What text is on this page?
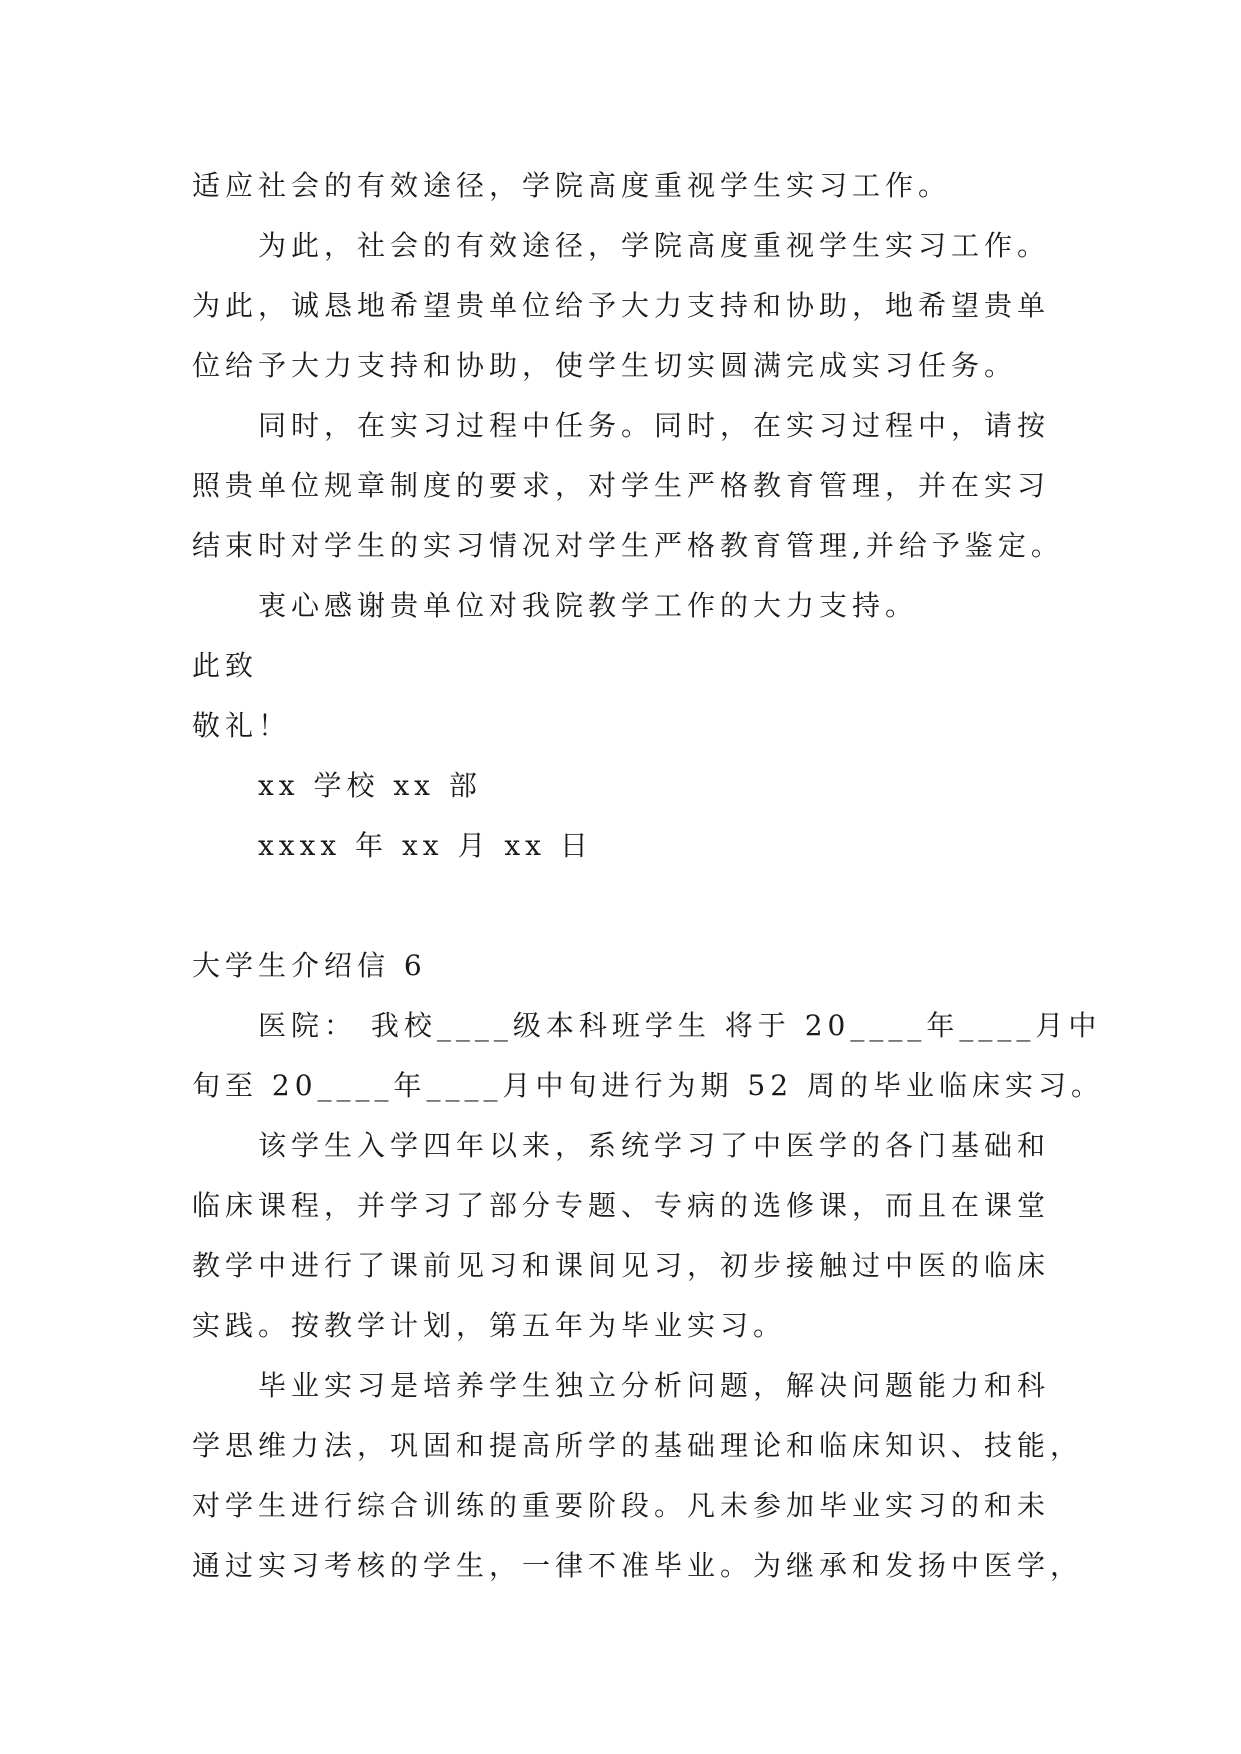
适应社会的有效途径，学院高度重视学生实习工作。
为此，社会的有效途径，学院高度重视学生实习工作。
为此，诚恳地希望贵单位给予大力支持和协助，地希望贵单
位给予大力支持和协助，使学生切实圆满完成实习任务。
同时，在实习过程中任务。同时，在实习过程中，请按
照贵单位规章制度的要求，对学生严格教育管理，并在实习
结束时对学生的实习情况对学生严格教育管理,并给予鉴定。
衷心感谢贵单位对我院教学工作的大力支持。
此致
敬礼！
xx 学校 xx 部
xxxx 年 xx 月 xx 日
大学生介绍信 6
医院： 我校____级本科班学生 将于 20____年____月中
旬至 20____年____月中旬进行为期 52 周的毕业临床实习。
该学生入学四年以来，系统学习了中医学的各门基础和
临床课程，并学习了部分专题、专病的选修课，而且在课堂
教学中进行了课前见习和课间见习，初步接触过中医的临床
实践。按教学计划，第五年为毕业实习。
毕业实习是培养学生独立分析问题，解决问题能力和科
学思维力法，巩固和提高所学的基础理论和临床知识、技能，
对学生进行综合训练的重要阶段。凡未参加毕业实习的和未
通过实习考核的学生，一律不准毕业。为继承和发扬中医学，
